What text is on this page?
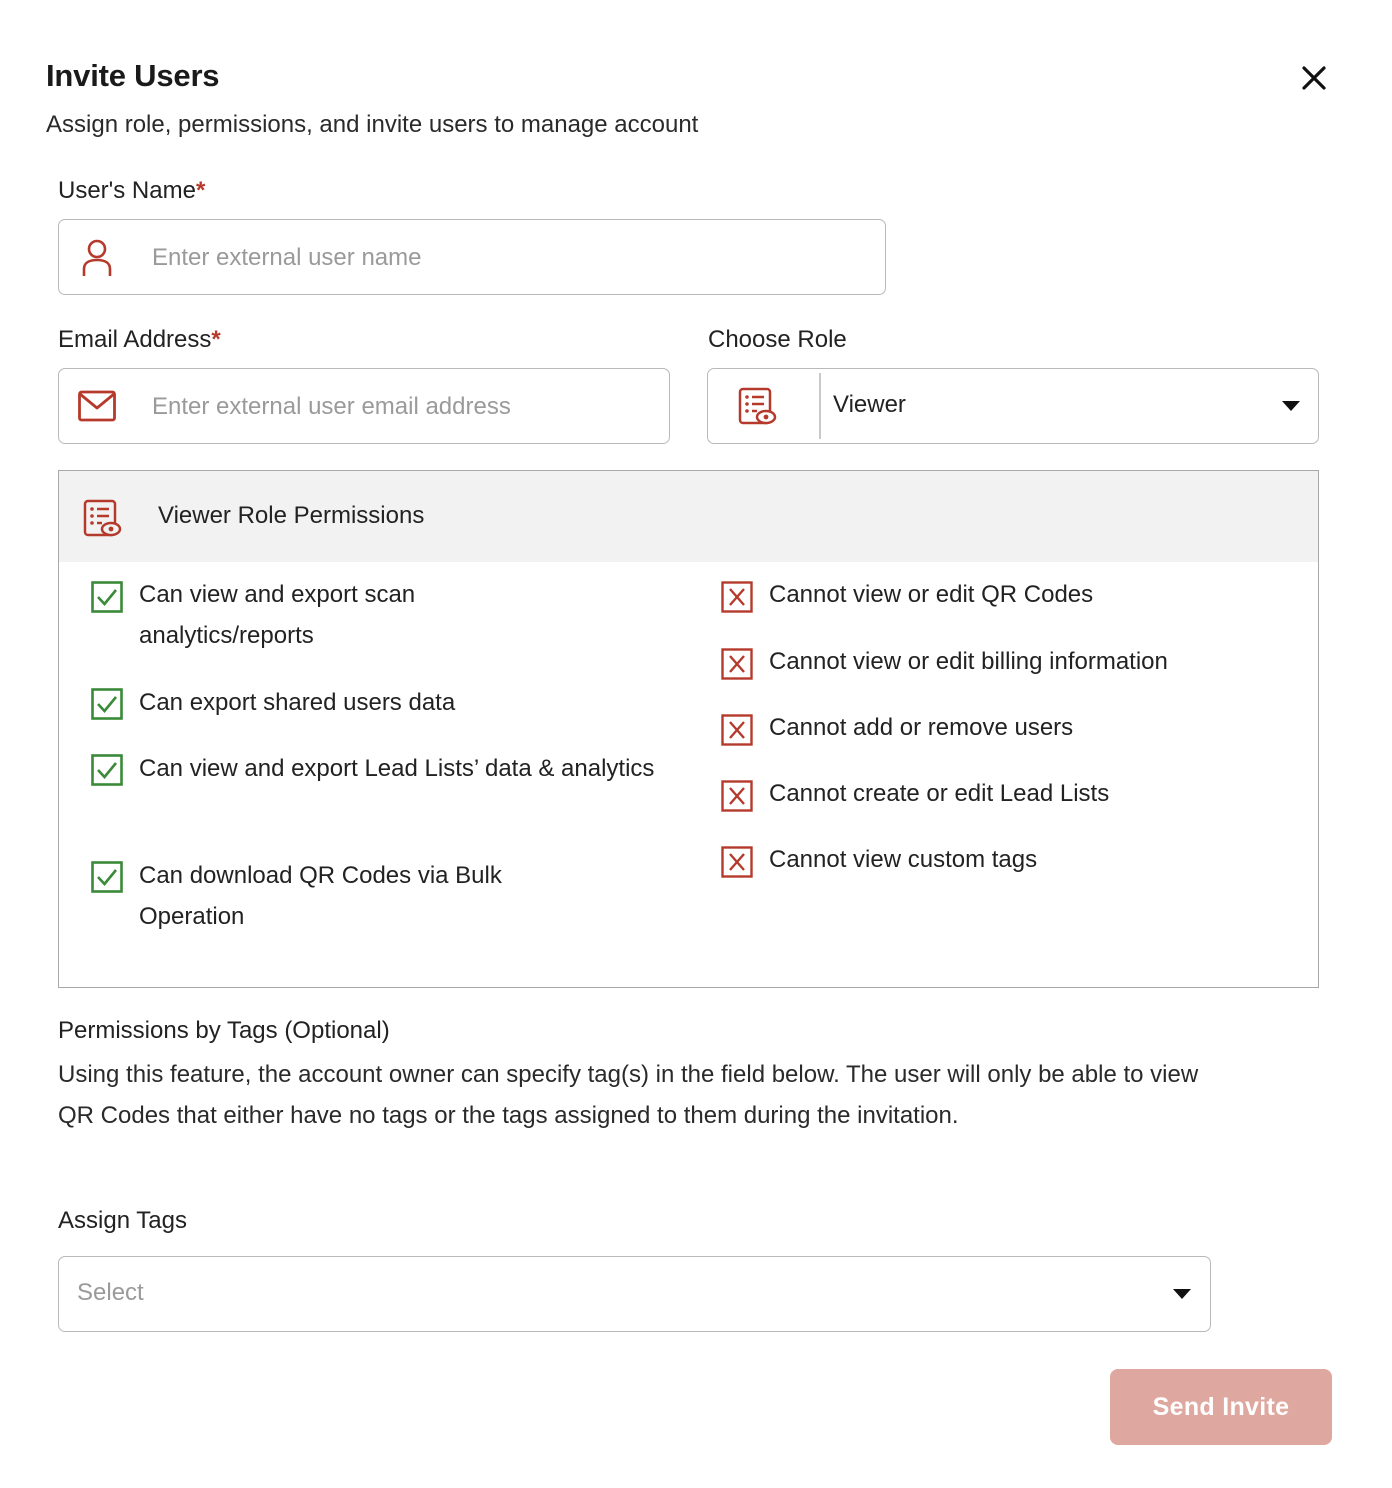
Invite Users
Assign role, permissions, and invite users to manage account
User's Name*
Enter external user name
Email Address*
Enter external user email address	Choose Role
Viewer
Viewer Role Permissions
Can view and export scan analytics/reports
Can export shared users data
Can view and export Lead Lists’ data & analytics
Can download QR Codes via Bulk Operation
Cannot view or edit QR Codes
Cannot view or edit billing information
Cannot add or remove users
Cannot create or edit Lead Lists
Cannot view custom tags
Permissions by Tags (Optional)
Using this feature, the account owner can specify tag(s) in the field below. The user will only be able to view QR Codes that either have no tags or the tags assigned to them during the invitation.
Assign Tags
Select
Send Invite
